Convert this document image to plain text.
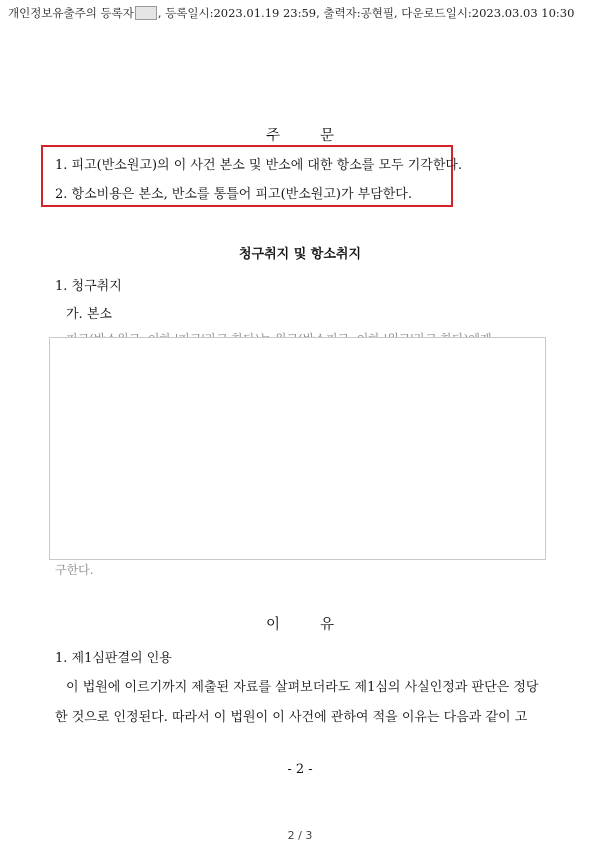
개인정보유출주의 등록자 , 등록일시:2023.01.19 23:59, 출력자:공현필, 다운로드일시:2023.03.03 10:30
주	문
1. 피고(반소원고)의 이 사건 본소 및 반소에 대한 항소를 모두 기각한다.
2. 항소비용은 본소, 반소를 통틀어 피고(반소원고)가 부담한다.
청구취지 및 항소취지
1. 청구취지
가. 본소
구한다.
이	유
1. 제1심판결의 인용
이 법원에 이르기까지 제출된 자료를 살펴보더라도 제1심의 사실인정과 판단은 정당
한 것으로 인정된다. 따라서 이 법원이 이 사건에 관하여 적을 이유는 다음과 같이 고
- 2 -
2 / 3
